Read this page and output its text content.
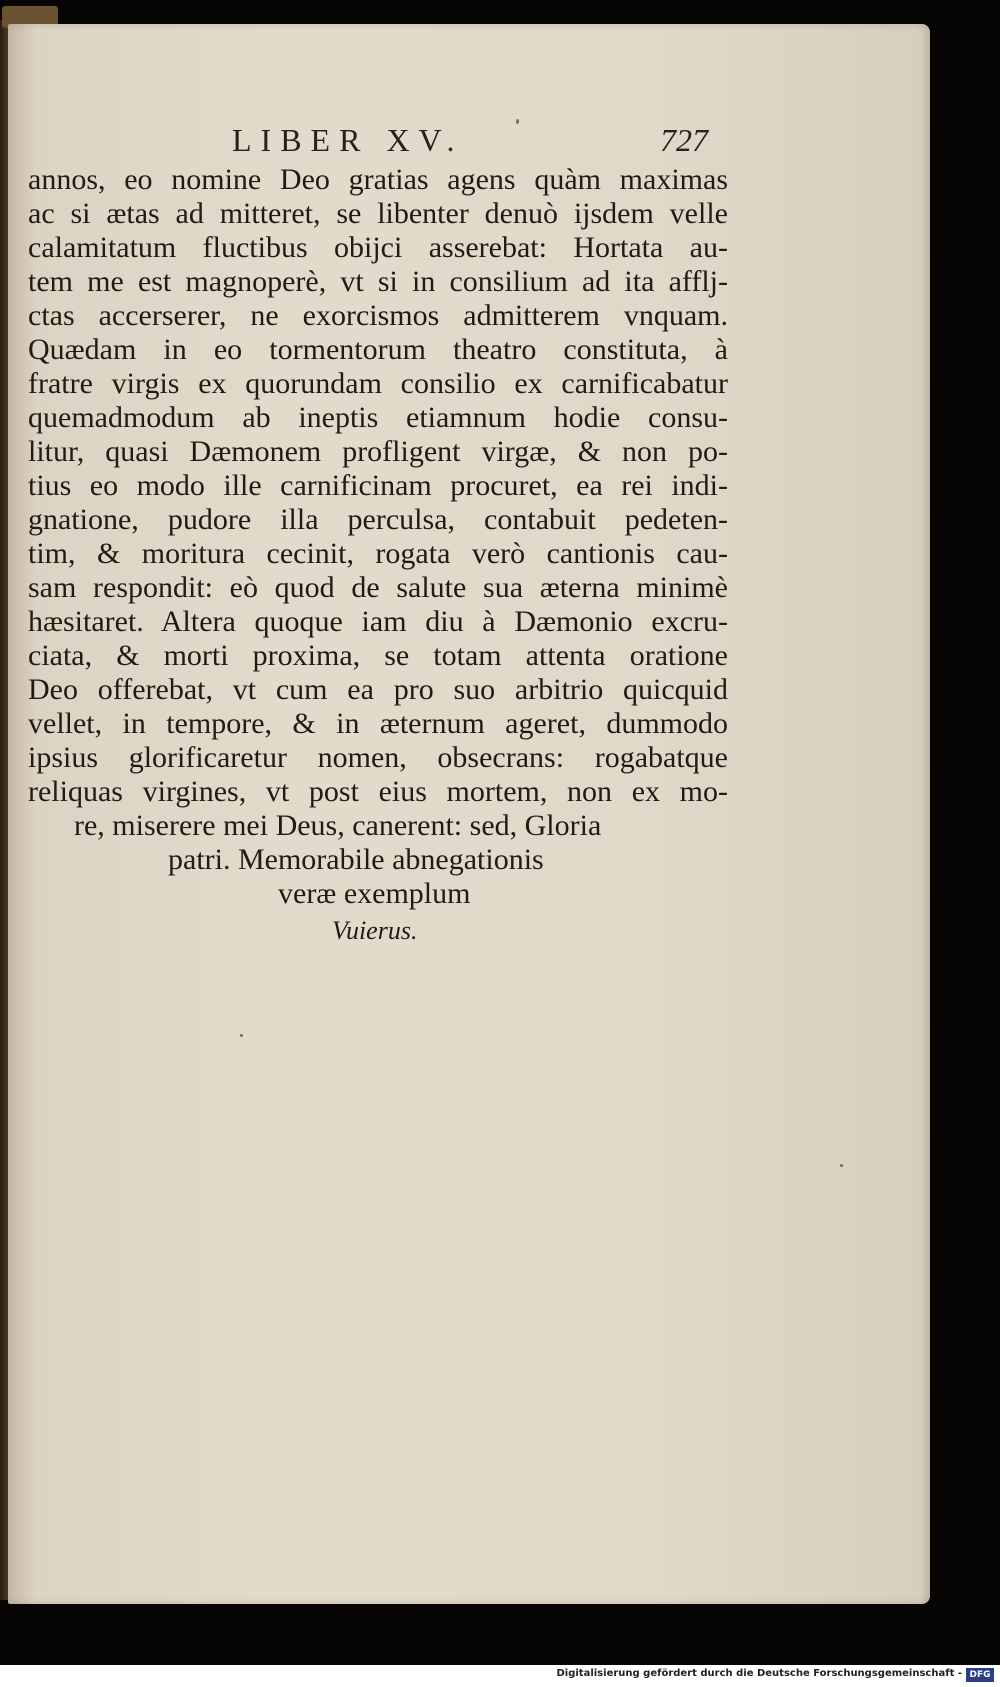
LIBER XV.	727

annos, eo nomine Deo gratias agens quàm maximas

ac si ætas ad mitteret, se libenter denuò ijsdem velle

calamitatum fluctibus obijci asserebat: Hortata au-

tem me est magnoperè, vt si in consilium ad ita afflj-

ctas accerserer, ne exorcismos admitterem vnquam.

Quædam in eo tormentorum theatro constituta, à

fratre virgis ex quorundam consilio ex carnificabatur

quemadmodum ab ineptis etiamnum hodie consu-

litur, quasi Dæmonem profligent virgæ, & non po-

tius eo modo ille carnificinam procuret, ea rei indi-

gnatione, pudore illa perculsa, contabuit pedeten-

tim, & moritura cecinit, rogata verò cantionis cau-

sam respondit: eò quod de salute sua æterna minimè

hæsitaret. Altera quoque iam diu à Dæmonio excru-

ciata, & morti proxima, se totam attenta oratione

Deo offerebat, vt cum ea pro suo arbitrio quicquid

vellet, in tempore, & in æternum ageret, dummodo

ipsius glorificaretur nomen, obsecrans: rogabatque

reliquas virgines, vt post eius mortem, non ex mo-

re, miserere mei Deus, canerent: sed, Gloria

patri. Memorabile abnegationis

veræ exemplum

Vuierus.

Digitalisierung gefördert durch die Deutsche Forschungsgemeinschaft - DFG
